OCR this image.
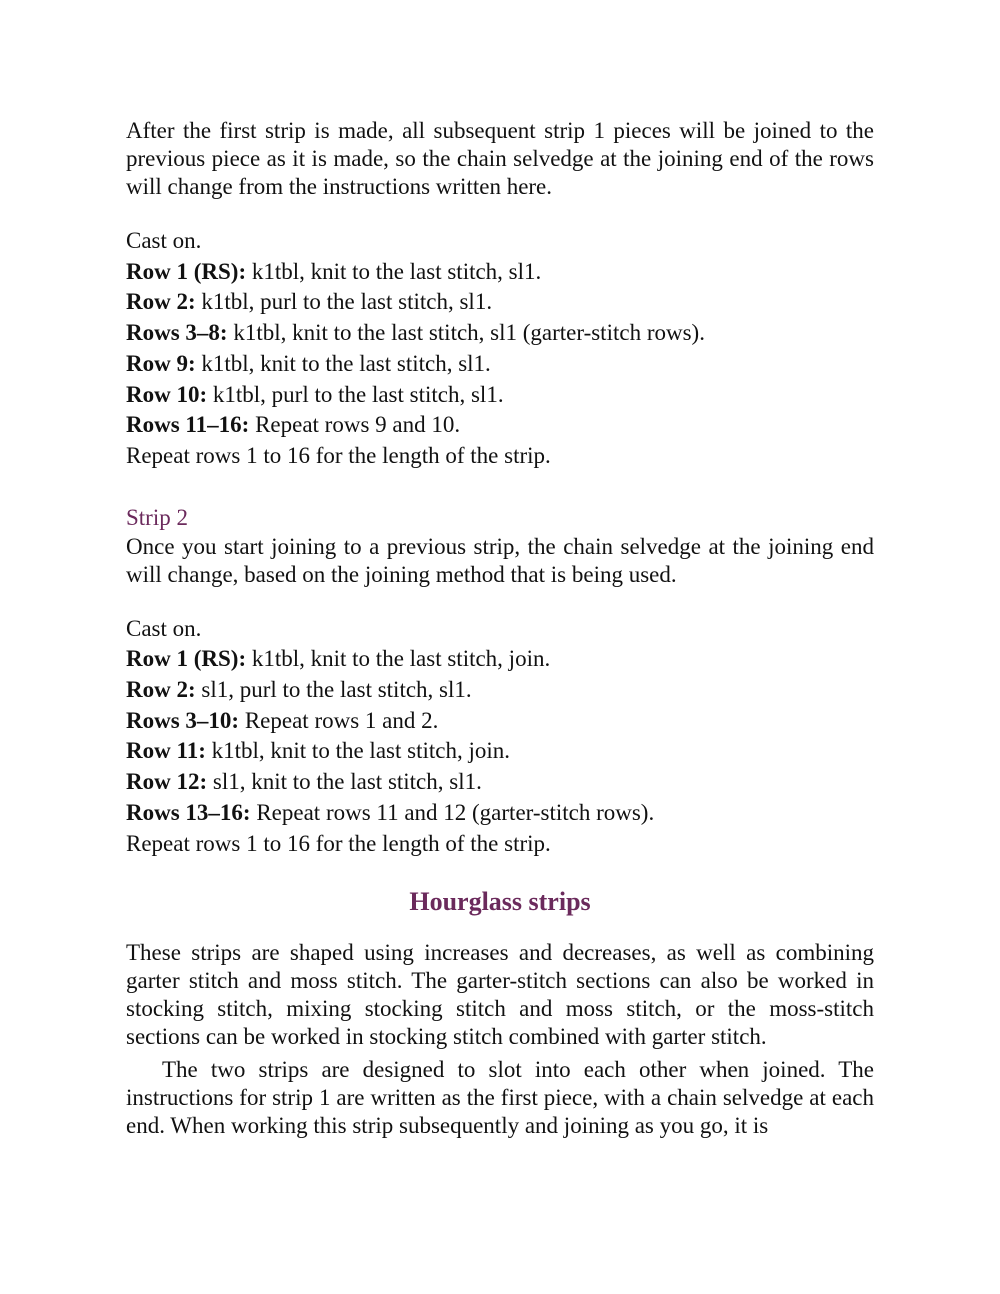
After the first strip is made, all subsequent strip 1 pieces will be joined to the previous piece as it is made, so the chain selvedge at the joining end of the rows will change from the instructions written here.

Cast on.
Row 1 (RS): k1tbl, knit to the last stitch, sl1.
Row 2: k1tbl, purl to the last stitch, sl1.
Rows 3–8: k1tbl, knit to the last stitch, sl1 (garter-stitch rows).
Row 9: k1tbl, knit to the last stitch, sl1.
Row 10: k1tbl, purl to the last stitch, sl1.
Rows 11–16: Repeat rows 9 and 10.
Repeat rows 1 to 16 for the length of the strip.

Strip 2

Once you start joining to a previous strip, the chain selvedge at the joining end will change, based on the joining method that is being used.

Cast on.
Row 1 (RS): k1tbl, knit to the last stitch, join.
Row 2: sl1, purl to the last stitch, sl1.
Rows 3–10: Repeat rows 1 and 2.
Row 11: k1tbl, knit to the last stitch, join.
Row 12: sl1, knit to the last stitch, sl1.
Rows 13–16: Repeat rows 11 and 12 (garter-stitch rows).
Repeat rows 1 to 16 for the length of the strip.
Hourglass strips

These strips are shaped using increases and decreases, as well as combining garter stitch and moss stitch. The garter-stitch sections can also be worked in stocking stitch, mixing stocking stitch and moss stitch, or the moss-stitch sections can be worked in stocking stitch combined with garter stitch.

The two strips are designed to slot into each other when joined. The instructions for strip 1 are written as the first piece, with a chain selvedge at each end. When working this strip subsequently and joining as you go, it is
